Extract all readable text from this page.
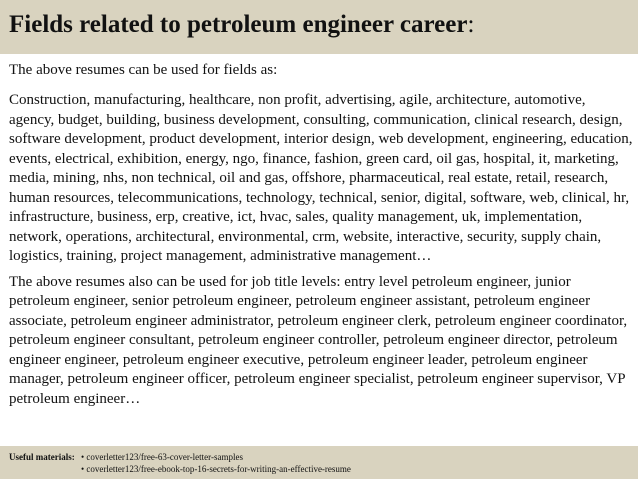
Fields related to petroleum engineer career:

The above resumes can be used for fields as:

Construction, manufacturing, healthcare, non profit, advertising, agile, architecture, automotive, agency, budget, building, business development, consulting, communication, clinical research, design, software development, product development, interior design, web development, engineering, education, events, electrical, exhibition, energy, ngo, finance, fashion, green card, oil gas, hospital, it, marketing, media, mining, nhs, non technical, oil and gas, offshore, pharmaceutical, real estate, retail, research, human resources, telecommunications, technology, technical, senior, digital, software, web, clinical, hr, infrastructure, business, erp, creative, ict, hvac, sales, quality management, uk, implementation, network, operations, architectural, environmental, crm, website, interactive, security, supply chain, logistics, training, project management, administrative management…

The above resumes also can be used for job title levels: entry level petroleum engineer, junior petroleum engineer, senior petroleum engineer, petroleum engineer assistant, petroleum engineer associate, petroleum engineer administrator, petroleum engineer clerk, petroleum engineer coordinator, petroleum engineer consultant, petroleum engineer controller, petroleum engineer director, petroleum engineer engineer, petroleum engineer executive, petroleum engineer leader, petroleum engineer manager, petroleum engineer officer, petroleum engineer specialist, petroleum engineer supervisor, VP petroleum engineer…

Useful materials: • coverletter123/free-63-cover-letter-samples
• coverletter123/free-ebook-top-16-secrets-for-writing-an-effective-resume
